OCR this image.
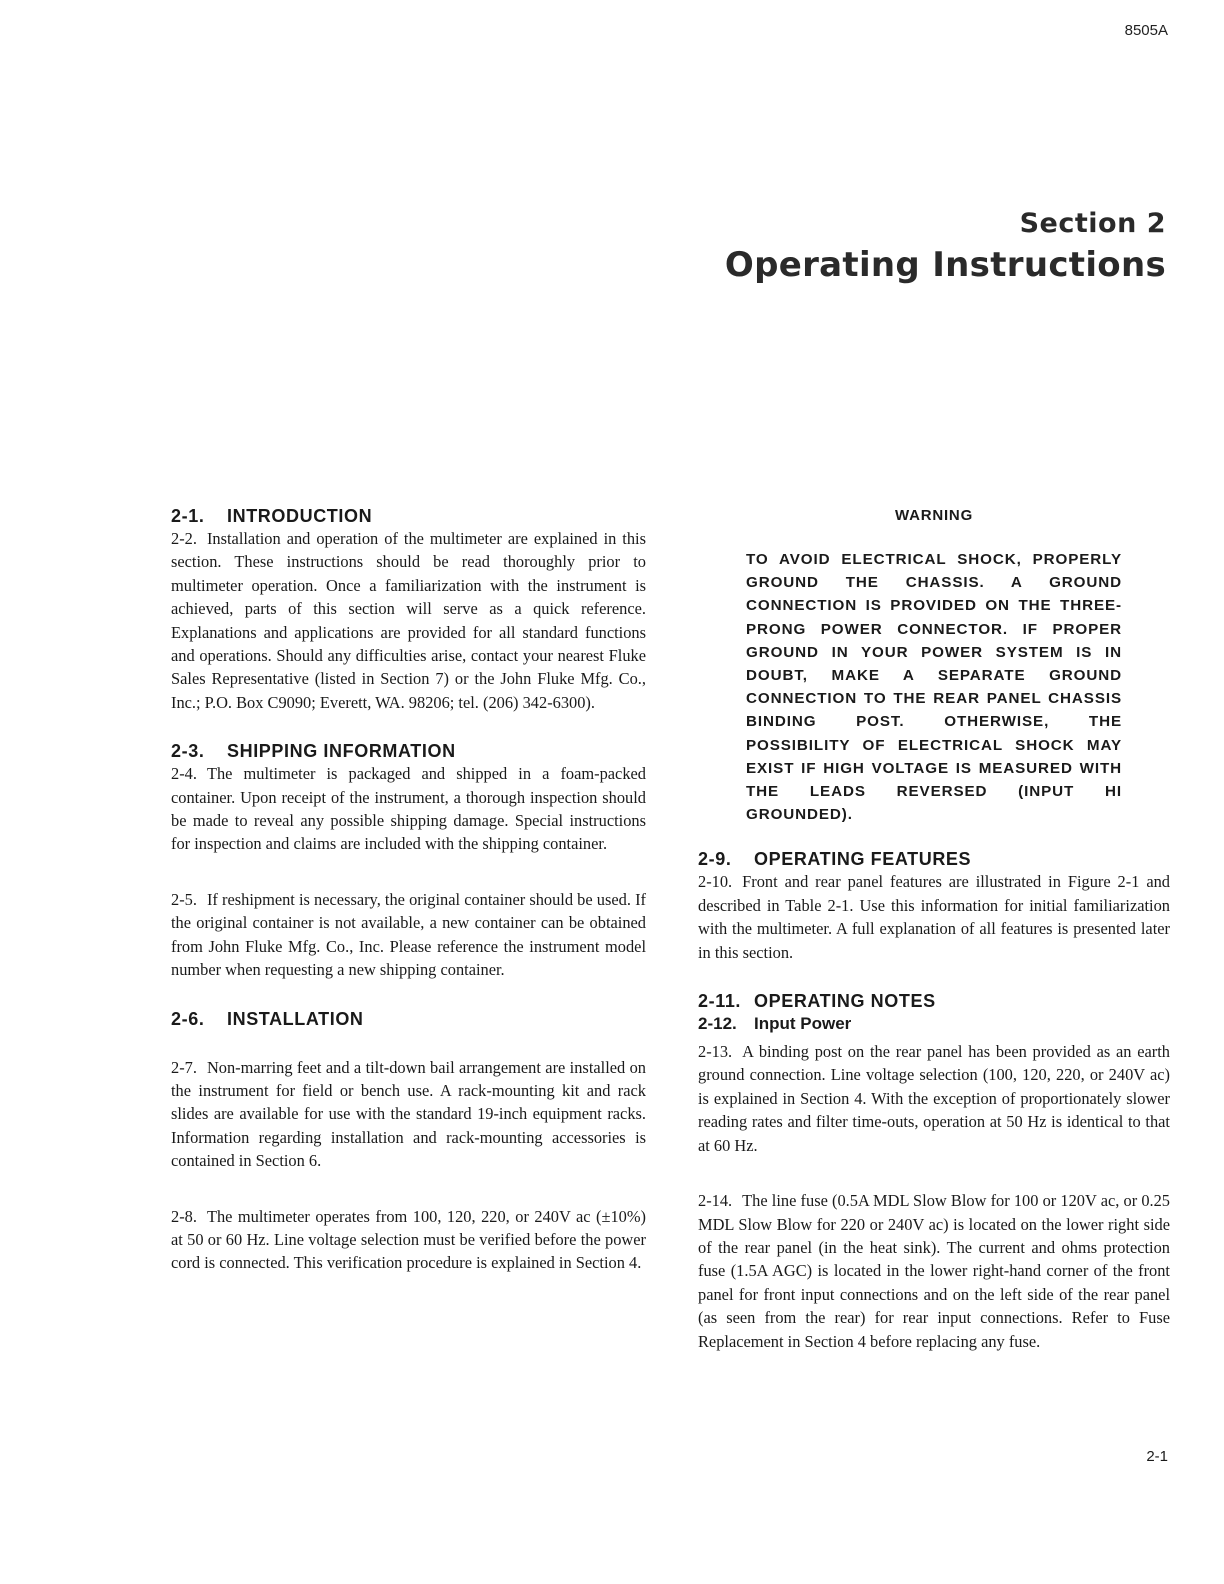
8505A
Section 2
Operating Instructions
2-1. INTRODUCTION

2-2. Installation and operation of the multimeter are explained in this section. These instructions should be read thoroughly prior to multimeter operation. Once a familiarization with the instrument is achieved, parts of this section will serve as a quick reference. Explanations and applications are provided for all standard functions and operations. Should any difficulties arise, contact your nearest Fluke Sales Representative (listed in Section 7) or the John Fluke Mfg. Co., Inc.; P.O. Box C9090; Everett, WA. 98206; tel. (206) 342-6300).

2-3. SHIPPING INFORMATION

2-4. The multimeter is packaged and shipped in a foam-packed container. Upon receipt of the instrument, a thorough inspection should be made to reveal any possible shipping damage. Special instructions for inspection and claims are included with the shipping container.

2-5. If reshipment is necessary, the original container should be used. If the original container is not available, a new container can be obtained from John Fluke Mfg. Co., Inc. Please reference the instrument model number when requesting a new shipping container.

2-6. INSTALLATION

2-7. Non-marring feet and a tilt-down bail arrangement are installed on the instrument for field or bench use. A rack-mounting kit and rack slides are available for use with the standard 19-inch equipment racks. Information regarding installation and rack-mounting accessories is contained in Section 6.

2-8. The multimeter operates from 100, 120, 220, or 240V ac (±10%) at 50 or 60 Hz. Line voltage selection must be verified before the power cord is connected. This verification procedure is explained in Section 4.

WARNING

TO AVOID ELECTRICAL SHOCK, PROPERLY GROUND THE CHASSIS. A GROUND CONNECTION IS PROVIDED ON THE THREE-PRONG POWER CONNECTOR. IF PROPER GROUND IN YOUR POWER SYSTEM IS IN DOUBT, MAKE A SEPARATE GROUND CONNECTION TO THE REAR PANEL CHASSIS BINDING POST. OTHERWISE, THE POSSIBILITY OF ELECTRICAL SHOCK MAY EXIST IF HIGH VOLTAGE IS MEASURED WITH THE LEADS REVERSED (INPUT HI GROUNDED).

2-9. OPERATING FEATURES

2-10. Front and rear panel features are illustrated in Figure 2-1 and described in Table 2-1. Use this information for initial familiarization with the multimeter. A full explanation of all features is presented later in this section.

2-11. OPERATING NOTES
2-12. Input Power

2-13. A binding post on the rear panel has been provided as an earth ground connection. Line voltage selection (100, 120, 220, or 240V ac) is explained in Section 4. With the exception of proportionately slower reading rates and filter time-outs, operation at 50 Hz is identical to that at 60 Hz.

2-14. The line fuse (0.5A MDL Slow Blow for 100 or 120V ac, or 0.25 MDL Slow Blow for 220 or 240V ac) is located on the lower right side of the rear panel (in the heat sink). The current and ohms protection fuse (1.5A AGC) is located in the lower right-hand corner of the front panel for front input connections and on the left side of the rear panel (as seen from the rear) for rear input connections. Refer to Fuse Replacement in Section 4 before replacing any fuse.

2-1
